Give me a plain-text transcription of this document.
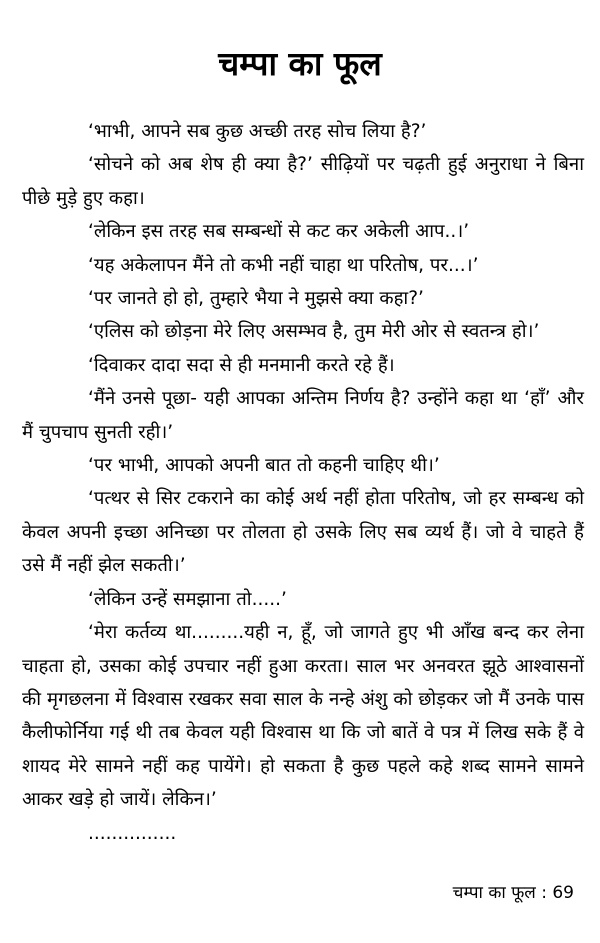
चम्पा का फूल

‘भाभी, आपने सब कुछ अच्छी तरह सोच लिया है?’

‘सोचने को अब शेष ही क्या है?’ सीढ़ियों पर चढ़ती हुई अनुराधा ने बिना पीछे मुड़े हुए कहा।

‘लेकिन इस तरह सब सम्बन्धों से कट कर अकेली आप..।’

‘यह अकेलापन मैंने तो कभी नहीं चाहा था परितोष, पर...।’

‘पर जानते हो हो, तुम्हारे भैया ने मुझसे क्या कहा?’

‘एलिस को छोड़ना मेरे लिए असम्भव है, तुम मेरी ओर से स्वतन्त्र हो।’

‘दिवाकर दादा सदा से ही मनमानी करते रहे हैं।

‘मैंने उनसे पूछा- यही आपका अन्तिम निर्णय है? उन्होंने कहा था ‘हाँ’ और मैं चुपचाप सुनती रही।’

‘पर भाभी, आपको अपनी बात तो कहनी चाहिए थी।’

‘पत्थर से सिर टकराने का कोई अर्थ नहीं होता परितोष, जो हर सम्बन्ध को केवल अपनी इच्छा अनिच्छा पर तोलता हो उसके लिए सब व्यर्थ हैं। जो वे चाहते हैं उसे मैं नहीं झेल सकती।’

‘लेकिन उन्हें समझाना तो.....’

‘मेरा कर्तव्य था.........यही न, हूँ, जो जागते हुए भी आँख बन्द कर लेना चाहता हो, उसका कोई उपचार नहीं हुआ करता। साल भर अनवरत झूठे आश्वासनों की मृगछलना में विश्वास रखकर सवा साल के नन्हे अंशु को छोड़कर जो मैं उनके पास कैलीफोर्निया गई थी तब केवल यही विश्वास था कि जो बातें वे पत्र में लिख सके हैं वे शायद मेरे सामने नहीं कह पायेंगे। हो सकता है कुछ पहले कहे शब्द सामने सामने आकर खड़े हो जायें। लेकिन।’

...............

चम्पा का फूल : 69
